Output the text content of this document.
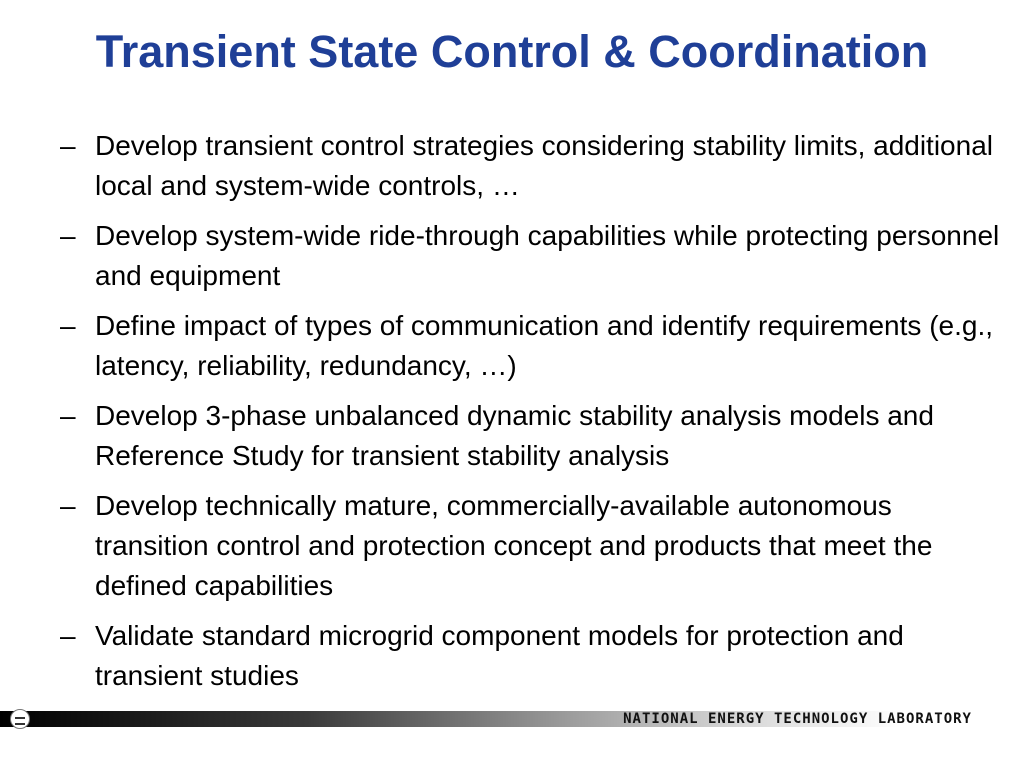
Transient State Control & Coordination
– Develop transient control strategies considering stability limits, additional local and system-wide controls, …
– Develop system-wide ride-through capabilities while protecting personnel and equipment
– Define impact of types of communication and identify requirements (e.g., latency, reliability, redundancy, …)
– Develop 3-phase unbalanced dynamic stability analysis models and Reference Study for transient stability analysis
– Develop technically mature, commercially-available autonomous transition control and protection concept and products that meet the defined capabilities
– Validate standard microgrid component models for protection and transient studies
NATIONAL ENERGY TECHNOLOGY LABORATORY
